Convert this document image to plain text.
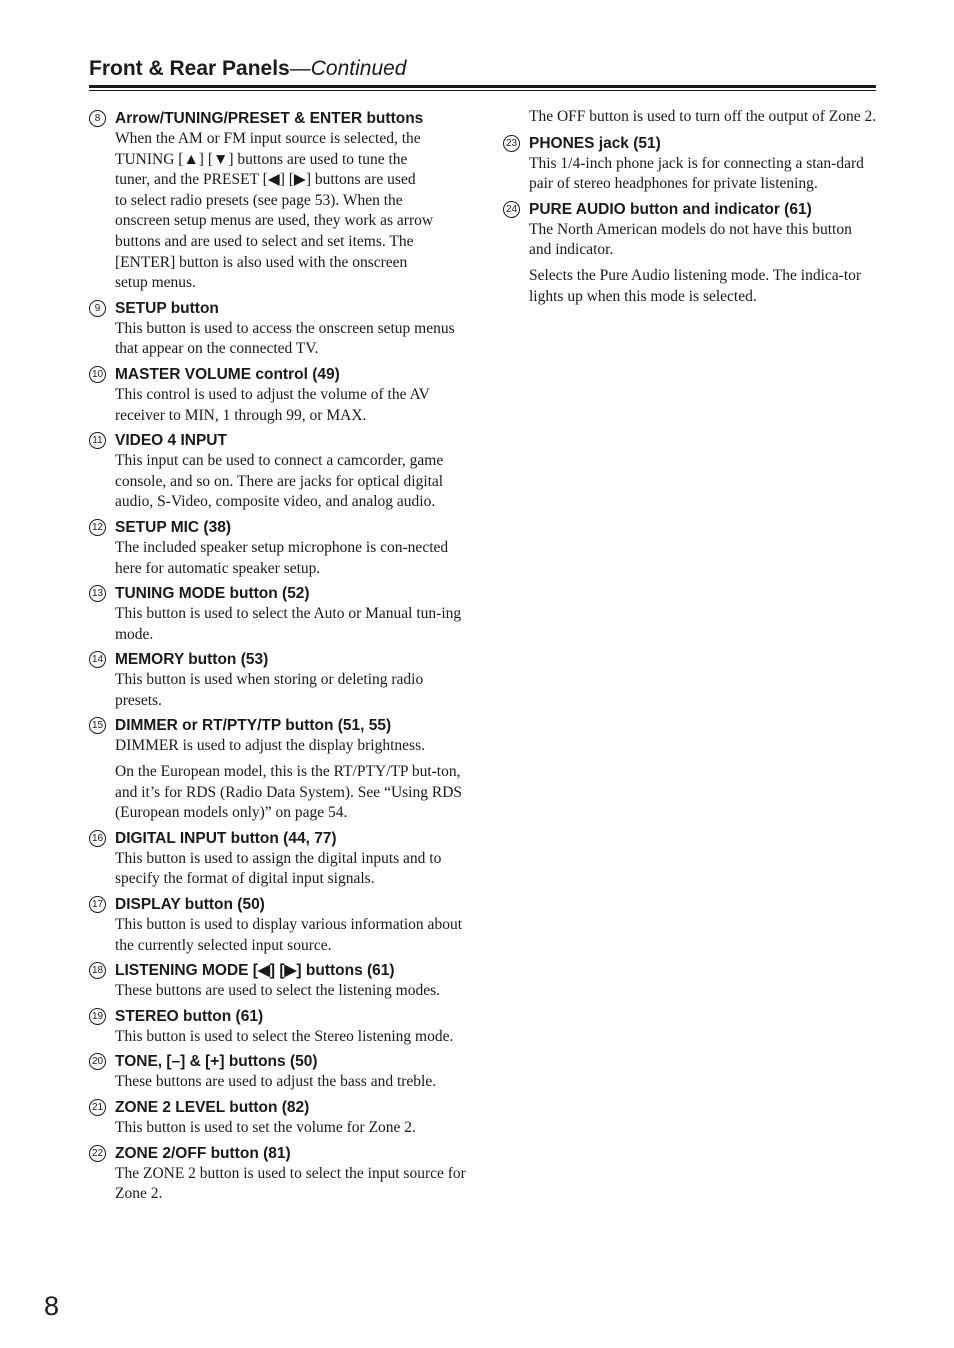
Front & Rear Panels—Continued
8 Arrow/TUNING/PRESET & ENTER buttons

When the AM or FM input source is selected, the
TUNING [▲] [▼] buttons are used to tune the
tuner, and the PRESET [◀] [▶] buttons are used
to select radio presets (see page 53). When the
onscreen setup menus are used, they work as arrow
buttons and are used to select and set items. The
[ENTER] button is also used with the onscreen
setup menus.

9 SETUP button

This button is used to access the onscreen setup menus that appear on the connected TV.

10 MASTER VOLUME control (49)

This control is used to adjust the volume of the AV receiver to MIN, 1 through 99, or MAX.

11 VIDEO 4 INPUT

This input can be used to connect a camcorder, game console, and so on. There are jacks for optical digital audio, S-Video, composite video, and analog audio.

12 SETUP MIC (38)

The included speaker setup microphone is con-nected here for automatic speaker setup.

13 TUNING MODE button (52)

This button is used to select the Auto or Manual tun-ing mode.

14 MEMORY button (53)

This button is used when storing or deleting radio presets.

15 DIMMER or RT/PTY/TP button (51, 55)

DIMMER is used to adjust the display brightness.

On the European model, this is the RT/PTY/TP but-ton, and it’s for RDS (Radio Data System). See “Using RDS (European models only)” on page 54.

16 DIGITAL INPUT button (44, 77)

This button is used to assign the digital inputs and to specify the format of digital input signals.

17 DISPLAY button (50)

This button is used to display various information about the currently selected input source.

18 LISTENING MODE [◀] [▶] buttons (61)

These buttons are used to select the listening modes.

19 STEREO button (61)

This button is used to select the Stereo listening mode.

20 TONE, [–] & [+] buttons (50)

These buttons are used to adjust the bass and treble.

21 ZONE 2 LEVEL button (82)

This button is used to set the volume for Zone 2.

22 ZONE 2/OFF button (81)

The ZONE 2 button is used to select the input source for Zone 2.

The OFF button is used to turn off the output of Zone 2.

23 PHONES jack (51)

This 1/4-inch phone jack is for connecting a stan-dard pair of stereo headphones for private listening.

24 PURE AUDIO button and indicator (61)

The North American models do not have this button and indicator.

Selects the Pure Audio listening mode. The indica-tor lights up when this mode is selected.

8
